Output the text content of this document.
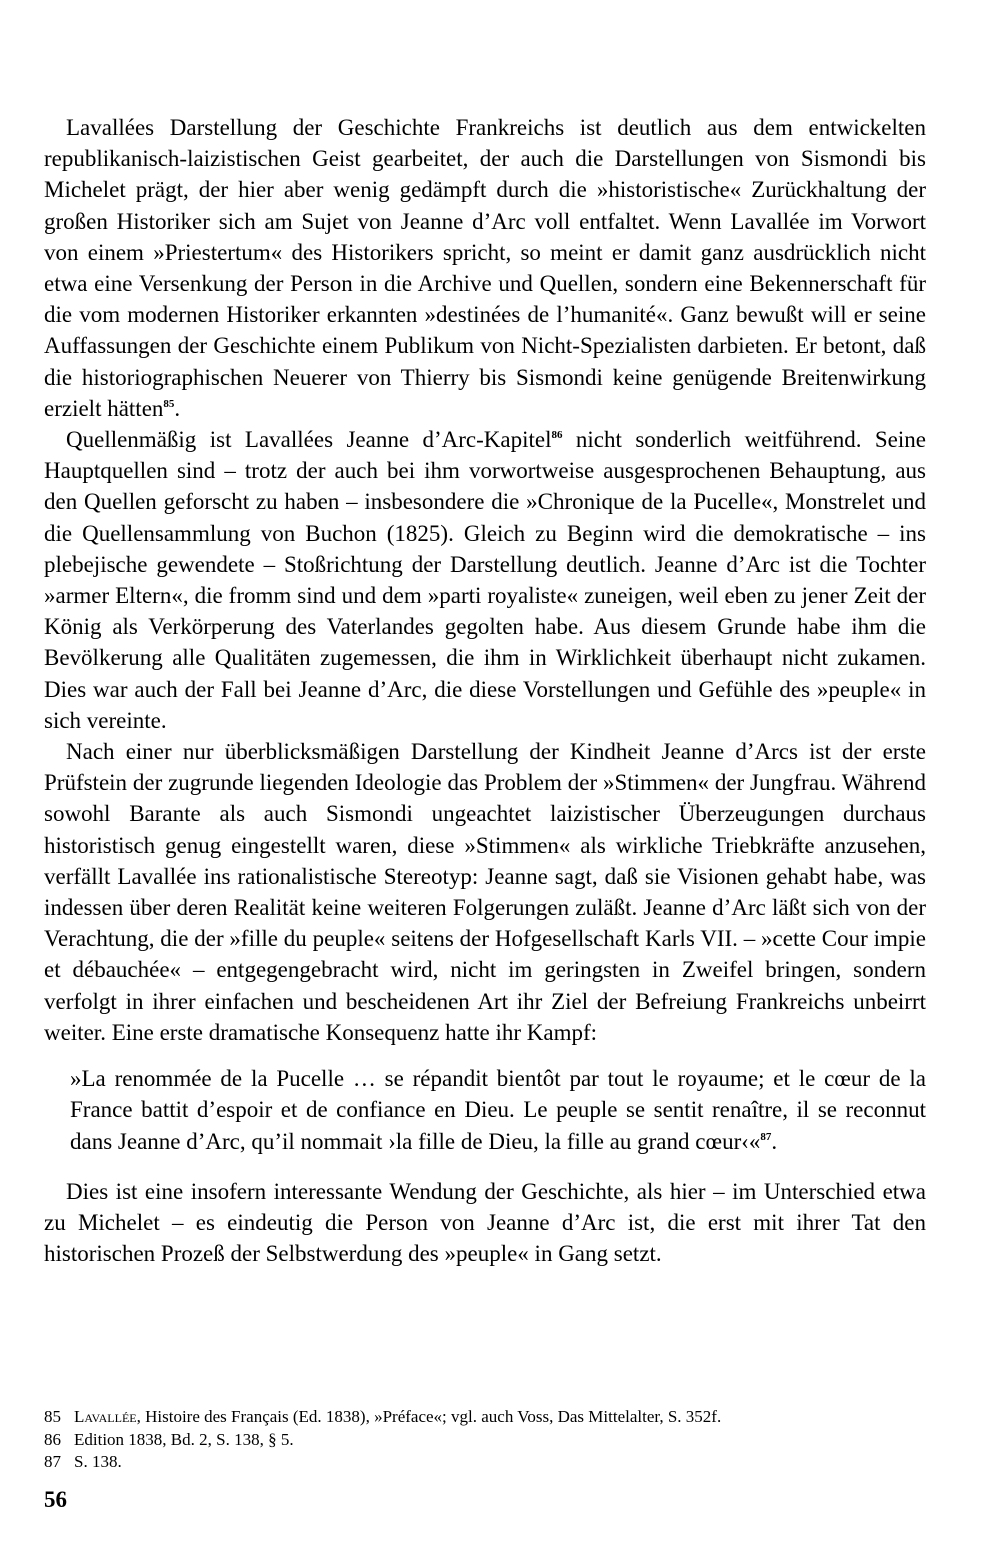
Lavallées Darstellung der Geschichte Frankreichs ist deutlich aus dem entwickelten republikanisch-laizistischen Geist gearbeitet, der auch die Darstellungen von Sismondi bis Michelet prägt, der hier aber wenig gedämpft durch die »historistische« Zurückhaltung der großen Historiker sich am Sujet von Jeanne d’Arc voll entfaltet. Wenn Lavallée im Vorwort von einem »Priestertum« des Historikers spricht, so meint er damit ganz ausdrücklich nicht etwa eine Versenkung der Person in die Archive und Quellen, sondern eine Bekennerschaft für die vom modernen Historiker erkannten »destinées de l’humanité«. Ganz bewußt will er seine Auffassungen der Geschichte einem Publikum von Nicht-Spezialisten darbieten. Er betont, daß die historiographischen Neuerer von Thierry bis Sismondi keine genügende Breitenwirkung erzielt hätten$^{85}$.

Quellenmäßig ist Lavallées Jeanne d’Arc-Kapitel$^{86}$ nicht sonderlich weitführend. Seine Hauptquellen sind – trotz der auch bei ihm vorwortweise ausgesprochenen Behauptung, aus den Quellen geforscht zu haben – insbesondere die »Chronique de la Pucelle«, Monstrelet und die Quellensammlung von Buchon (1825). Gleich zu Beginn wird die demokratische – ins plebejische gewendete – Stoßrichtung der Darstellung deutlich. Jeanne d’Arc ist die Tochter »armer Eltern«, die fromm sind und dem »parti royaliste« zuneigen, weil eben zu jener Zeit der König als Verkörperung des Vaterlandes gegolten habe. Aus diesem Grunde habe ihm die Bevölkerung alle Qualitäten zugemessen, die ihm in Wirklichkeit überhaupt nicht zukamen. Dies war auch der Fall bei Jeanne d’Arc, die diese Vorstellungen und Gefühle des »peuple« in sich vereinte.

Nach einer nur überblicksmäßigen Darstellung der Kindheit Jeanne d’Arcs ist der erste Prüfstein der zugrunde liegenden Ideologie das Problem der »Stimmen« der Jungfrau. Während sowohl Barante als auch Sismondi ungeachtet laizistischer Überzeugungen durchaus historistisch genug eingestellt waren, diese »Stimmen« als wirkliche Triebkräfte anzusehen, verfällt Lavallée ins rationalistische Stereotyp: Jeanne sagt, daß sie Visionen gehabt habe, was indessen über deren Realität keine weiteren Folgerungen zuläßt. Jeanne d’Arc läßt sich von der Verachtung, die der »fille du peuple« seitens der Hofgesellschaft Karls VII. – »cette Cour impie et débauchée« – entgegengebracht wird, nicht im geringsten in Zweifel bringen, sondern verfolgt in ihrer einfachen und bescheidenen Art ihr Ziel der Befreiung Frankreichs unbeirrt weiter. Eine erste dramatische Konsequenz hatte ihr Kampf:

»La renommée de la Pucelle … se répandit bientôt par tout le royaume; et le cœur de la France battit d’espoir et de confiance en Dieu. Le peuple se sentit renaître, il se reconnut dans Jeanne d’Arc, qu’il nommait ›la fille de Dieu, la fille au grand cœur‹«$^{87}$.

Dies ist eine insofern interessante Wendung der Geschichte, als hier – im Unterschied etwa zu Michelet – es eindeutig die Person von Jeanne d’Arc ist, die erst mit ihrer Tat den historischen Prozeß der Selbstwerdung des »peuple« in Gang setzt.

85 Lavallée, Histoire des Français (Ed. 1838), »Préface«; vgl. auch Voss, Das Mittelalter, S. 352f.

86 Edition 1838, Bd. 2, S. 138, § 5.

87 S. 138.

56
